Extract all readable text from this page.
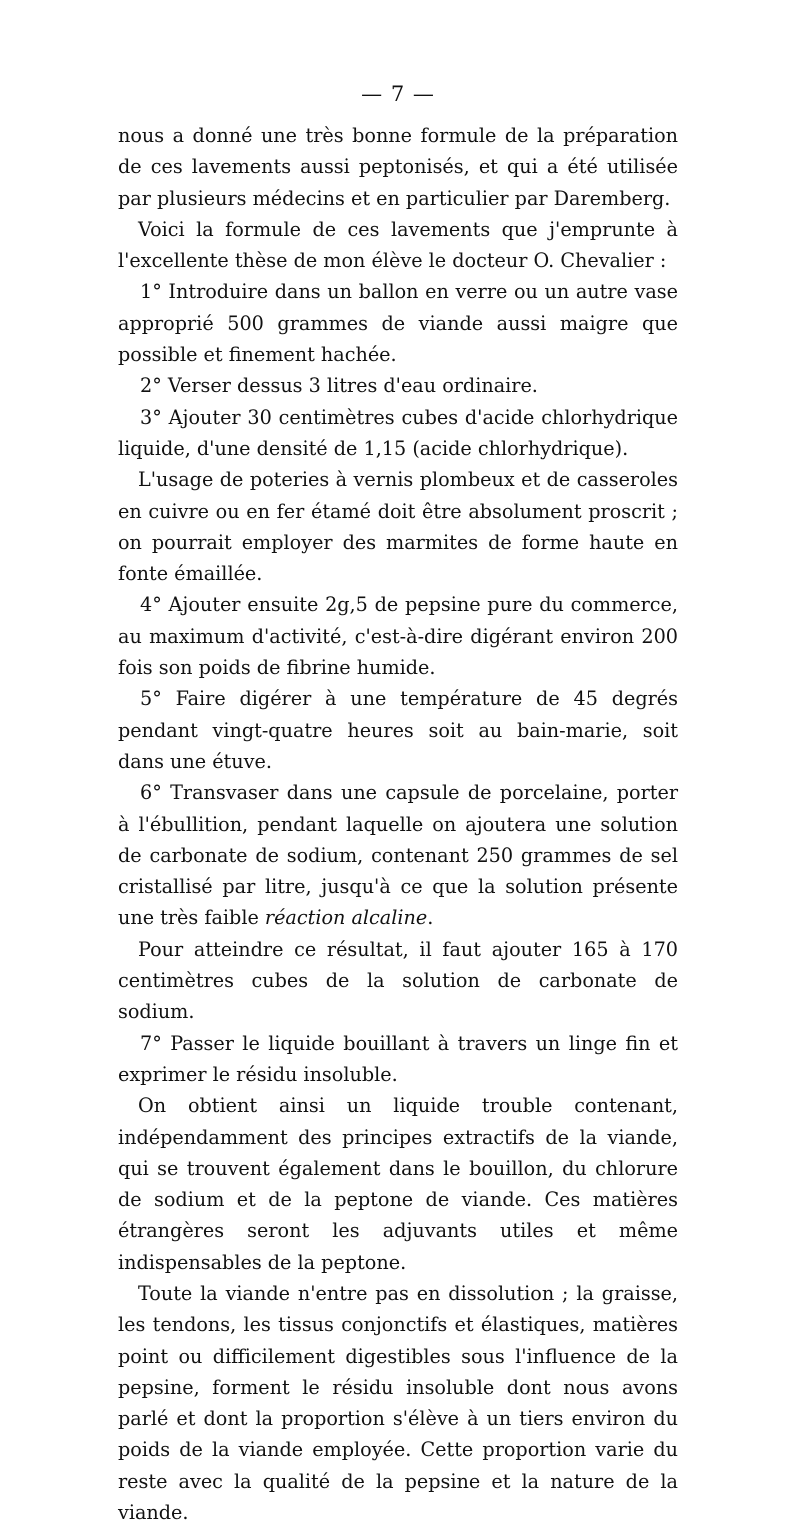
— 7 —

nous a donné une très bonne formule de la préparation de ces lavements aussi peptonisés, et qui a été utilisée par plusieurs médecins et en particulier par Daremberg.

Voici la formule de ces lavements que j'emprunte à l'excellente thèse de mon élève le docteur O. Chevalier :

1° Introduire dans un ballon en verre ou un autre vase approprié 500 grammes de viande aussi maigre que possible et finement hachée.

2° Verser dessus 3 litres d'eau ordinaire.

3° Ajouter 30 centimètres cubes d'acide chlorhydrique liquide, d'une densité de 1,15 (acide chlorhydrique).

L'usage de poteries à vernis plombeux et de casseroles en cuivre ou en fer étamé doit être absolument proscrit ; on pourrait employer des marmites de forme haute en fonte émaillée.

4° Ajouter ensuite 2g,5 de pepsine pure du commerce, au maximum d'activité, c'est-à-dire digérant environ 200 fois son poids de fibrine humide.

5° Faire digérer à une température de 45 degrés pendant vingt-quatre heures soit au bain-marie, soit dans une étuve.

6° Transvaser dans une capsule de porcelaine, porter à l'ébullition, pendant laquelle on ajoutera une solution de carbonate de sodium, contenant 250 grammes de sel cristallisé par litre, jusqu'à ce que la solution présente une très faible réaction alcaline.

Pour atteindre ce résultat, il faut ajouter 165 à 170 centimètres cubes de la solution de carbonate de sodium.

7° Passer le liquide bouillant à travers un linge fin et exprimer le résidu insoluble.

On obtient ainsi un liquide trouble contenant, indépendamment des principes extractifs de la viande, qui se trouvent également dans le bouillon, du chlorure de sodium et de la peptone de viande. Ces matières étrangères seront les adjuvants utiles et même indispensables de la peptone.

Toute la viande n'entre pas en dissolution ; la graisse, les tendons, les tissus conjonctifs et élastiques, matières point ou difficilement digestibles sous l'influence de la pepsine, forment le résidu insoluble dont nous avons parlé et dont la proportion s'élève à un tiers environ du poids de la viande employée. Cette proportion varie du reste avec la qualité de la pepsine et la nature de la viande.
